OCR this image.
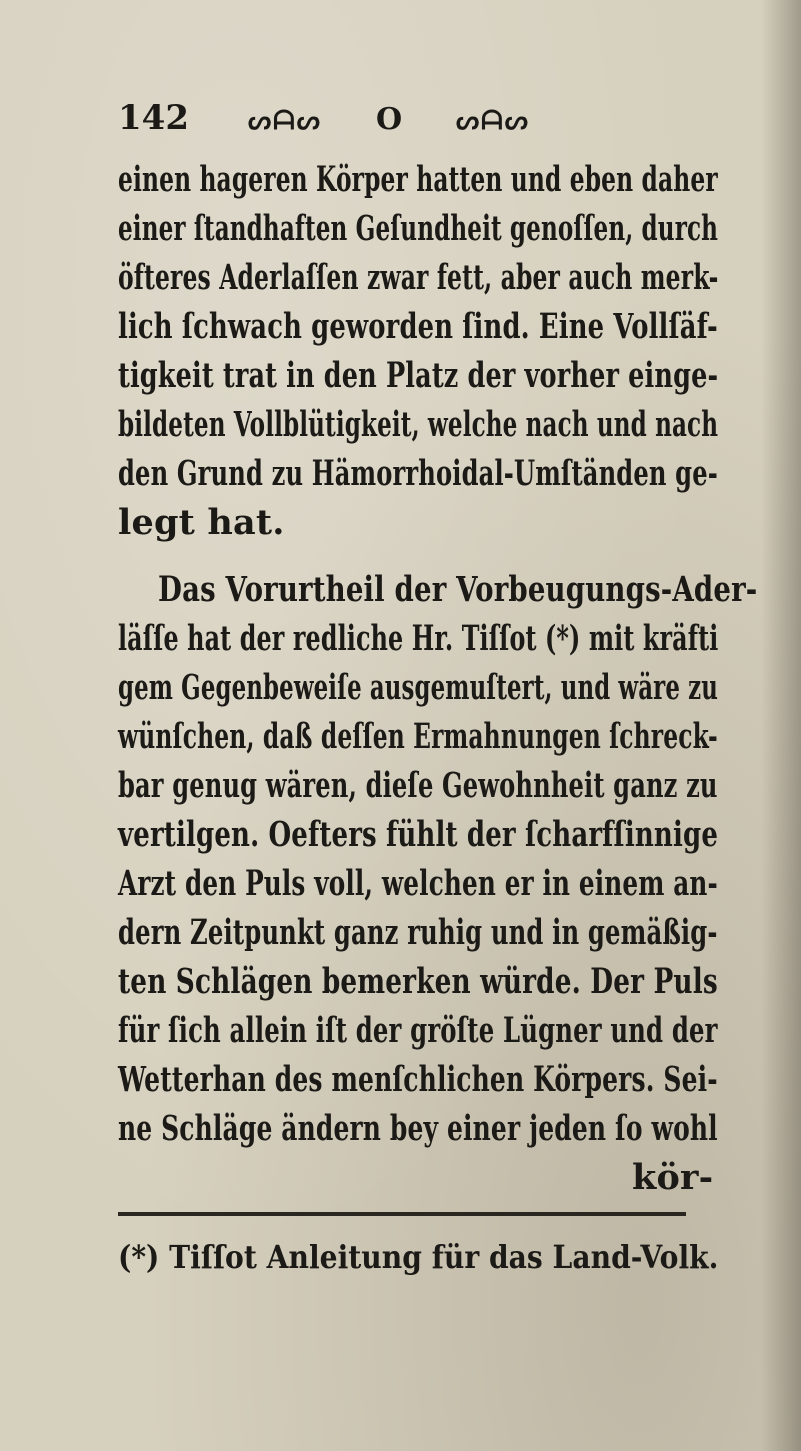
142 ᔕᗩᔕ O ᔕᗩᔕ
einen hageren Körper hatten und eben daher
einer ſtandhaften Geſundheit genoſſen, durch
öfteres Aderlaſſen zwar fett, aber auch merk-
lich ſchwach geworden ſind. Eine Vollſäf-
tigkeit trat in den Platz der vorher einge-
bildeten Vollblütigkeit, welche nach und nach
den Grund zu Hämorrhoidal-Umſtänden ge-
legt hat.
Das Vorurtheil der Vorbeugungs-Ader-
läſſe hat der redliche Hr. Tiſſot (*) mit kräfti
gem Gegenbeweiſe ausgemuſtert, und wäre zu
wünſchen, daß deſſen Ermahnungen ſchreck-
bar genug wären, dieſe Gewohnheit ganz zu
vertilgen. Oefters fühlt der ſcharfſinnige
Arzt den Puls voll, welchen er in einem an-
dern Zeitpunkt ganz ruhig und in gemäßig-
ten Schlägen bemerken würde. Der Puls
für ſich allein iſt der gröſte Lügner und der
Wetterhan des menſchlichen Körpers. Sei-
ne Schläge ändern bey einer jeden ſo wohl
kör-
(*) Tiſſot Anleitung für das Land-Volk.
